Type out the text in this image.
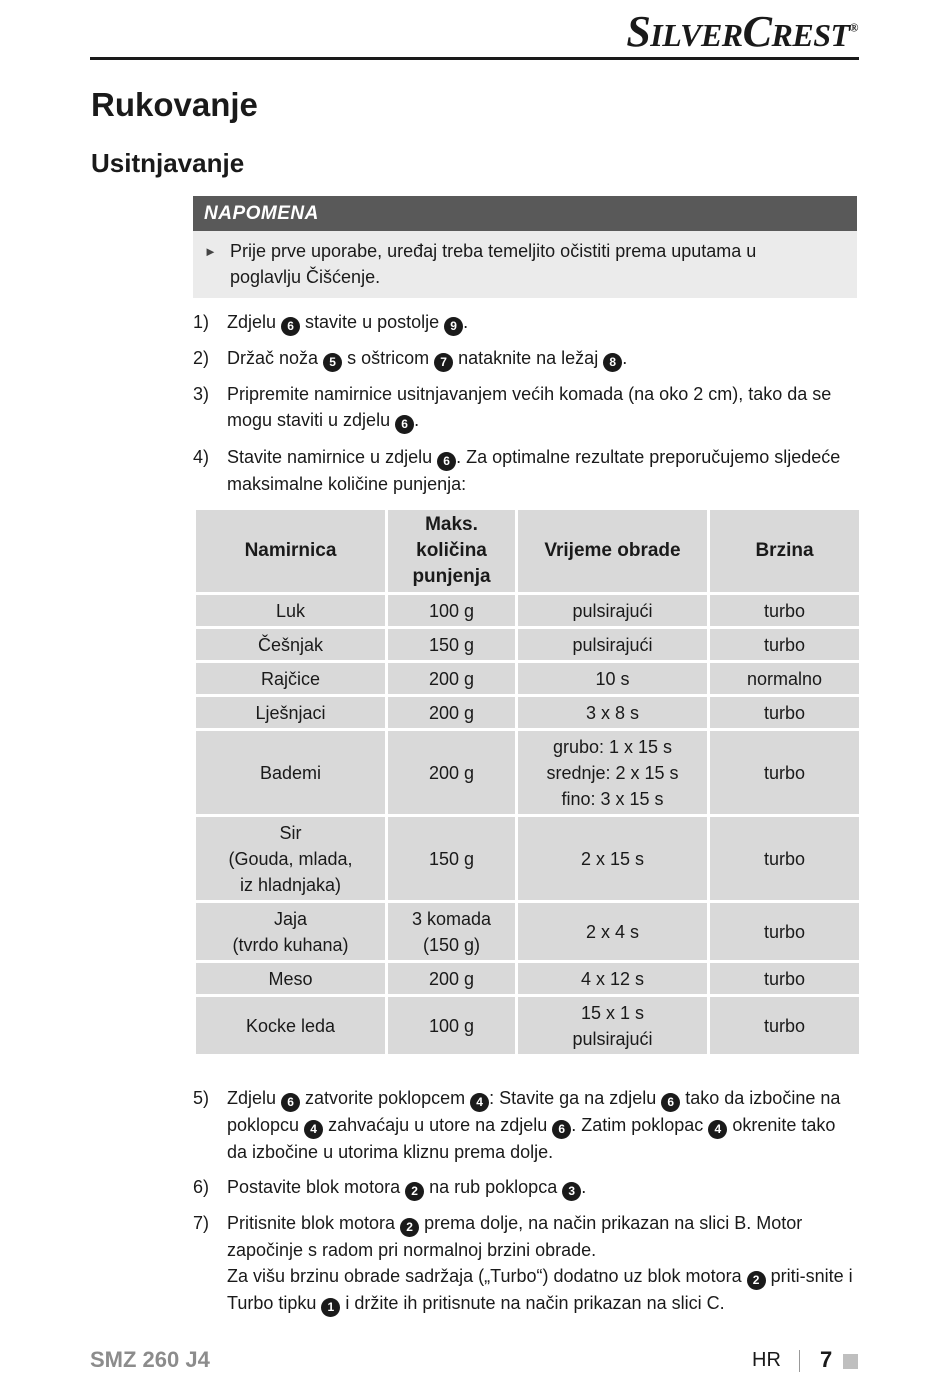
SILVERCREST®
Rukovanje
Usitnjavanje
NAPOMENA
► Prije prve uporabe, uređaj treba temeljito očistiti prema uputama u poglavlju Čišćenje.
1) Zdjelu 6 stavite u postolje 9 .
2) Držač noža 5 s oštricom 7 nataknite na ležaj 8 .
3) Pripremite namirnice usitnjavanjem većih komada (na oko 2 cm), tako da se mogu staviti u zdjelu 6 .
4) Stavite namirnice u zdjelu 6 . Za optimalne rezultate preporučujemo sljedeće maksimalne količine punjenja:
Namirnica	Maks. količina punjenja	Vrijeme obrade	Brzina
Luk	100 g	pulsirajući	turbo
Češnjak	150 g	pulsirajući	turbo
Rajčice	200 g	10 s	normalno
Lješnjaci	200 g	3 x 8 s	turbo
Bademi	200 g	grubo: 1 x 15 s
srednje: 2 x 15 s
fino: 3 x 15 s	turbo
Sir
(Gouda, mlada,
iz hladnjaka)	150 g	2 x 15 s	turbo
Jaja
(tvrdo kuhana)	3 komada
(150 g)	2 x 4 s	turbo
Meso	200 g	4 x 12 s	turbo
Kocke leda	100 g	15 x 1 s
pulsirajući	turbo
5) Zdjelu 6 zatvorite poklopcem 4 : Stavite ga na zdjelu 6 tako da izbočine na poklopcu 4 zahvaćaju u utore na zdjelu 6 . Zatim poklopac 4 okrenite tako da izbočine u utorima kliznu prema dolje.
6) Postavite blok motora 2 na rub poklopca 3 .
7) Pritisnite blok motora 2 prema dolje, na način prikazan na slici B. Motor započinje s radom pri normalnoj brzini obrade.
Za višu brzinu obrade sadržaja („Turbo“) dodatno uz blok motora 2 priti-snite i Turbo tipku 1 i držite ih pritisnute na način prikazan na slici C.
SMZ 260 J4	HR 7
